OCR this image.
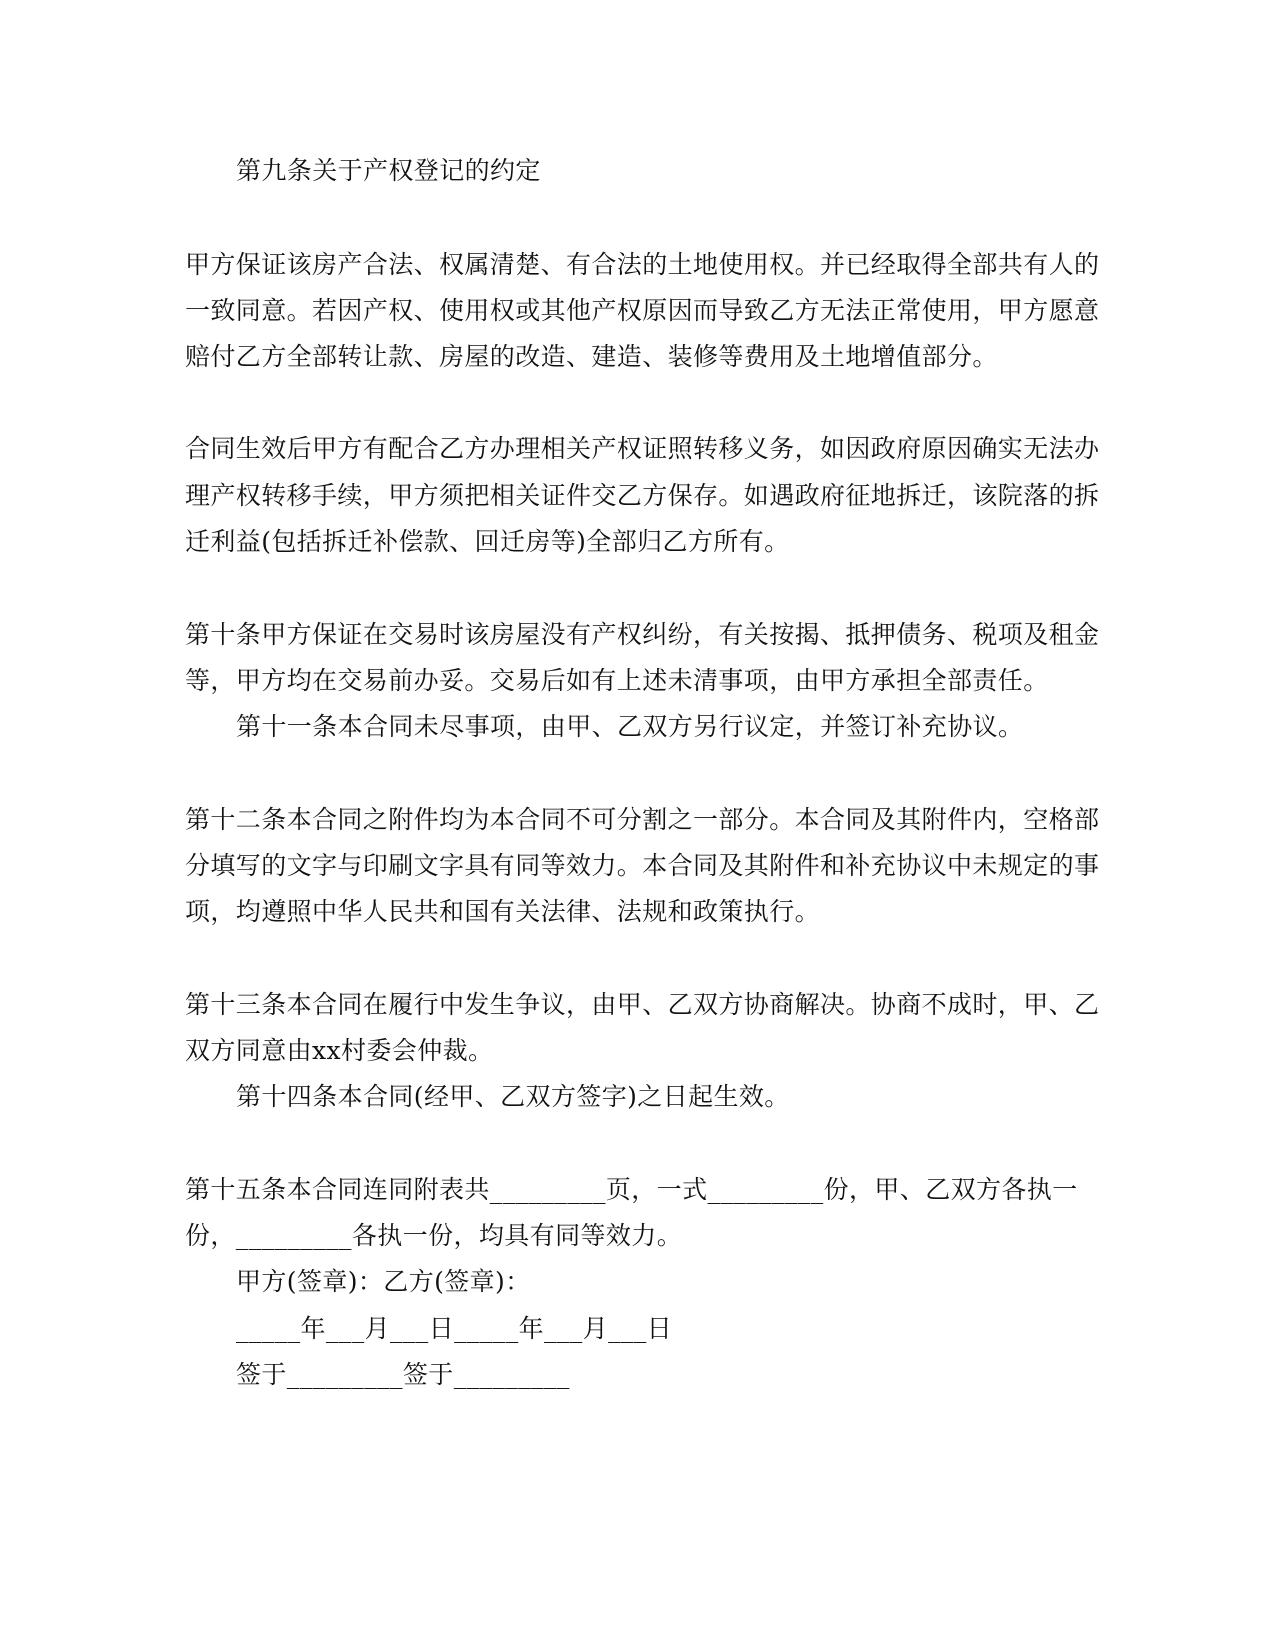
第九条关于产权登记的约定
甲方保证该房产合法、权属清楚、有合法的土地使用权。并已经取得全部共有人的
一致同意。若因产权、使用权或其他产权原因而导致乙方无法正常使用，甲方愿意
赔付乙方全部转让款、房屋的改造、建造、装修等费用及土地增值部分。
合同生效后甲方有配合乙方办理相关产权证照转移义务，如因政府原因确实无法办
理产权转移手续，甲方须把相关证件交乙方保存。如遇政府征地拆迁，该院落的拆
迁利益(包括拆迁补偿款、回迁房等)全部归乙方所有。
第十条甲方保证在交易时该房屋没有产权纠纷，有关按揭、抵押债务、税项及租金
等，甲方均在交易前办妥。交易后如有上述未清事项，由甲方承担全部责任。
第十一条本合同未尽事项，由甲、乙双方另行议定，并签订补充协议。
第十二条本合同之附件均为本合同不可分割之一部分。本合同及其附件内，空格部
分填写的文字与印刷文字具有同等效力。本合同及其附件和补充协议中未规定的事
项，均遵照中华人民共和国有关法律、法规和政策执行。
第十三条本合同在履行中发生争议，由甲、乙双方协商解决。协商不成时，甲、乙
双方同意由xx村委会仲裁。
第十四条本合同(经甲、乙双方签字)之日起生效。
第十五条本合同连同附表共_________页，一式_________份，甲、乙双方各执一
份，_________各执一份，均具有同等效力。
甲方(签章)：乙方(签章)：
_____年___月___日_____年___月___日
签于_________签于_________
